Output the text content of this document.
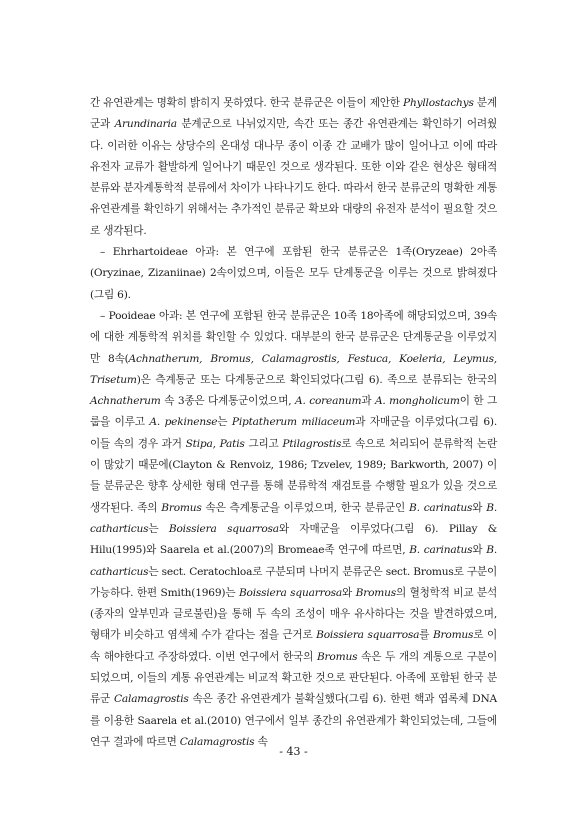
간 유연관계는 명확히 밝히지 못하였다. 한국 분류군은 이들이 제안한 Phyllostachys 분계군과 Arundinaria 분계군으로 나뉘었지만, 속간 또는 종간 유연관계는 확인하기 어려웠다. 이러한 이유는 상당수의 온대성 대나무 종이 이종 간 교배가 많이 일어나고 이에 따라 유전자 교류가 활발하게 일어나기 때문인 것으로 생각된다. 또한 이와 같은 현상은 형태적 분류와 분자계통학적 분류에서 차이가 나타나기도 한다. 따라서 한국 분류군의 명확한 계통 유연관계를 확인하기 위해서는 추가적인 분류군 확보와 대량의 유전자 분석이 필요할 것으로 생각된다.

– Ehrhartoideae 아과: 본 연구에 포함된 한국 분류군은 1족(Oryzeae) 2아족(Oryzinae, Zizaniinae) 2속이었으며, 이들은 모두 단계통군을 이루는 것으로 밝혀졌다(그림 6).

– Pooideae 아과: 본 연구에 포함된 한국 분류군은 10족 18아족에 해당되었으며, 39속에 대한 계통학적 위치를 확인할 수 있었다. 대부분의 한국 분류군은 단계통군을 이루었지만 8속(Achnatherum, Bromus, Calamagrostis, Festuca, Koeleria, Leymus, Trisetum)은 측계통군 또는 다계통군으로 확인되었다(그림 6). 족으로 분류되는 한국의 Achnatherum 속 3종은 다계통군이었으며, A. coreanum과 A. mongholicum이 한 그룹을 이루고 A. pekinense는 Piptatherum miliaceum과 자매군을 이루었다(그림 6). 이들 속의 경우 과거 Stipa, Patis 그리고 Ptilagrostis로 속으로 처리되어 분류학적 논란이 많았기 때문에(Clayton & Renvoiz, 1986; Tzvelev, 1989; Barkworth, 2007) 이들 분류군은 향후 상세한 형태 연구를 통해 분류학적 재검토를 수행할 필요가 있을 것으로 생각된다. 족의 Bromus 속은 측계통군을 이루었으며, 한국 분류군인 B. carinatus와 B. catharticus는 Boissiera squarrosa와 자매군을 이루었다(그림 6). Pillay & Hilu(1995)와 Saarela et al.(2007)의 Bromeae족 연구에 따르면, B. carinatus와 B. catharticus는 sect. Ceratochloa로 구분되며 나머지 분류군은 sect. Bromus로 구분이 가능하다. 한편 Smith(1969)는 Boissiera squarrosa와 Bromus의 혈청학적 비교 분석(종자의 알부민과 글로불린)을 통해 두 속의 조성이 매우 유사하다는 것을 발견하였으며, 형태가 비슷하고 염색체 수가 같다는 점을 근거로 Boissiera squarrosa를 Bromus로 이속 해야한다고 주장하였다. 이번 연구에서 한국의 Bromus 속은 두 개의 계통으로 구분이 되었으며, 이들의 계통 유연관계는 비교적 확고한 것으로 판단된다. 아족에 포함된 한국 분류군 Calamagrostis 속은 종간 유연관계가 불확실했다(그림 6). 한편 핵과 엽록체 DNA를 이용한 Saarela et al.(2010) 연구에서 일부 종간의 유연관계가 확인되었는데, 그들에 연구 결과에 따르면 Calamagrostis 속

- 43 -
